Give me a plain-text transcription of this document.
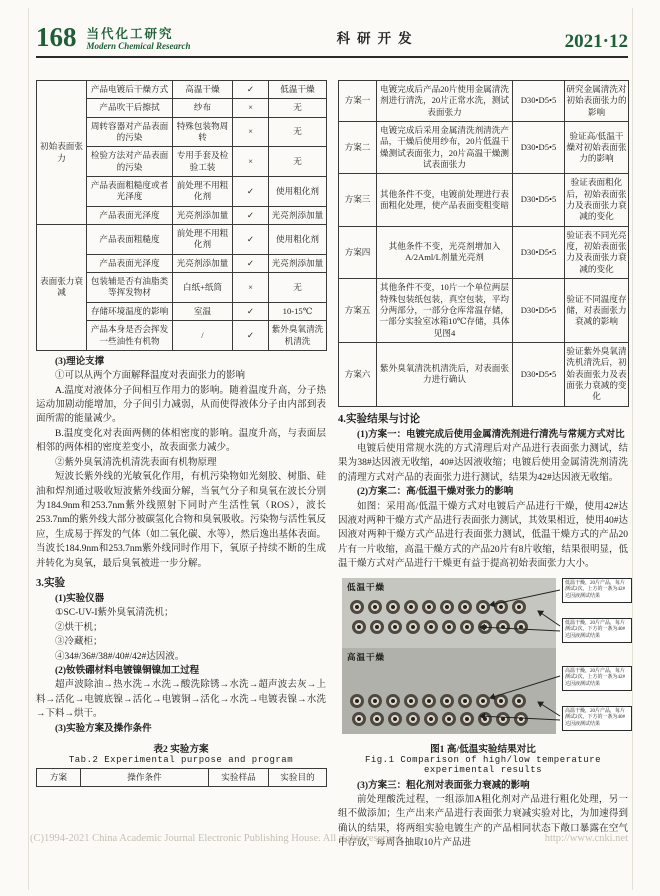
168 当代化工研究
Modern Chemical Research	科研开发	2021·12
初始表面张力	产品电镀后干燥方式	高温干燥	✓	低温干燥
	产品吹干后擦拭	纱布	×	无
	周转容器对产品表面的污染	特殊包装物周转	×	无
	检验方法对产品表面的污染	专用手套及检验工装	×	无
	产品表面粗糙度或者光泽度	前处理不用粗化剂	✓	使用粗化剂
	产品表面光泽度	光亮剂添加量	✓	光亮剂添加量
表面张力衰减	产品表面粗糙度	前处理不用粗化剂	✓	使用粗化剂
	产品表面光泽度	光亮剂添加量	✓	光亮剂添加量
	包装辅是否有油脂类等挥发物材	白纸+纸筒	×	无
	存储环境温度的影响	室温	✓	10-15℃
	产品本身是否会挥发一些油性有机物	/	✓	紫外臭氧清洗机清洗
(3)理论支撑
①可以从两个方面解释温度对表面张力的影响
A.温度对液体分子间相互作用力的影响。随着温度升高，分子热运动加剧动能增加，分子间引力减弱，从而使得液体分子由内部到表面所需的能量减少。
B.温度变化对表面两侧的体相密度的影响。温度升高，与表面层相邻的两体相的密度差变小，故表面张力减少。
②紫外臭氧清洗机清洗表面有机物原理
短波长紫外线的光敏氧化作用，有机污染物如光刻胶、树脂、硅油和焊剂通过吸收短波紫外线面分解，当氧气分子和臭氧在波长分别为184.9nm和253.7nm紫外线照射下同时产生活性氧（ROS），波长253.7nm的紫外线大部分被碳氢化合物和臭氧吸收。污染物与活性氧反应，生成易于挥发的气体（如二氧化碳、水等），然后逸出基体表面。当波长184.9nm和253.7nm紫外线同时作用下，氧原子持续不断的生成并转化为臭氧，最后臭氧被进一步分解。
3.实验
(1)实验仪器
①SC-UV-I紫外臭氧清洗机；
②烘干机；
③冷藏柜；
④34#/36#/38#/40#/42#达因液。
(2)钕铁硼材料电镀镍铜镍加工过程
超声波除油→热水洗→水洗→酸洗除锈→水洗→超声波去灰→上料→活化→电镀底镍→活化→电镀铜→活化→水洗→电镀表镍→水洗→下料→烘干。
(3)实验方案及操作条件
表2 实验方案
Tab.2 Experimental purpose and program
方案	操作条件	实验样品	实验目的
方案一	电镀完成后产品20片使用金属清洗剂进行清洗，20片正常水洗，测试表面张力	D30•D5•5	研究金属清洗对初始表面张力的影响
方案二	电镀完成后采用金属清洗剂清洗产品，干燥后使用纱布，20片低温干燥测试表面张力，20片高温干燥测试表面张力	D30•D5•5	验证高/低温干燥对初始表面张力的影响
方案三	其他条件不变，电镀前处理进行表面粗化处理，使产品表面变粗变暗	D30•D5•5	验证表面粗化后，初始表面张力及表面张力衰减的变化
方案四	其他条件不变，光亮剂增加入A/2Aml/L剂量光亮剂	D30•D5•5	验证表不同光亮度，初始表面张力及表面张力衰减的变化
方案五	其他条件不变，10片一个单位两层特殊包装纸包装，真空包装，平均分两部分，一部分仓库常温存储，一部分实验室冰箱10℃存储，具体见图4	D30•D5•5	验证不同温度存储，对表面张力衰减的影响
方案六	紫外臭氧清洗机清洗后，对表面张力进行确认	D30•D5•5	验证紫外臭氧清洗机清洗后，初始表面张力及表面张力衰减的变化
4.实验结果与讨论
(1)方案一：电镀完成后使用金属清洗剂进行清洗与常规方式对比
电镀后使用常规水洗的方式清理后对产品进行表面张力测试，结果为38#达因液无收缩，40#达因液收缩；电镀后使用金属清洗剂清洗的清理方式对产品的表面张力进行测试，结果为42#达因液无收缩。
(2)方案二：高/低温干燥对张力的影响
如图：采用高/低温干燥方式对电镀后产品进行干燥，使用42#达因液对两种干燥方式产品进行表面张力测试，其效果相近，使用40#达因液对两种干燥方式产品进行表面张力测试，低温干燥方式的产品20片有一片收缩，高温干燥方式的产品20片有8片收缩，结果很明显，低温干燥方式对产品进行干燥更有益于提高初始表面张力大小。
低温干燥
高温干燥
低温干燥，20片产品，每片测试2次，上方的一条为42#达因液测试结果
低温干燥，20片产品，每片测试2次，下方的一条为40#达因液测试结果
高温干燥，20片产品，每片测试2次，上方的一条为42#达因液测试结果
高温干燥，20片产品，每片测试2次，下方的一条为40#达因液测试结果
图1 高/低温实验结果对比
Fig.1 Comparison of high/low temperature
experimental results
(3)方案三：粗化剂对表面张力衰减的影响
前处理酸洗过程，一组添加A粗化剂对产品进行粗化处理，另一组不做添加；生产出来产品进行表面张力衰减实验对比，为加速得到确认的结果，将两组实验电镀生产的产品相同状态下敞口暴露在空气中存放，每周各抽取10片产品进
(C)1994-2021 China Academic Journal Electronic Publishing House. All rights reserved.	http://www.cnki.net
